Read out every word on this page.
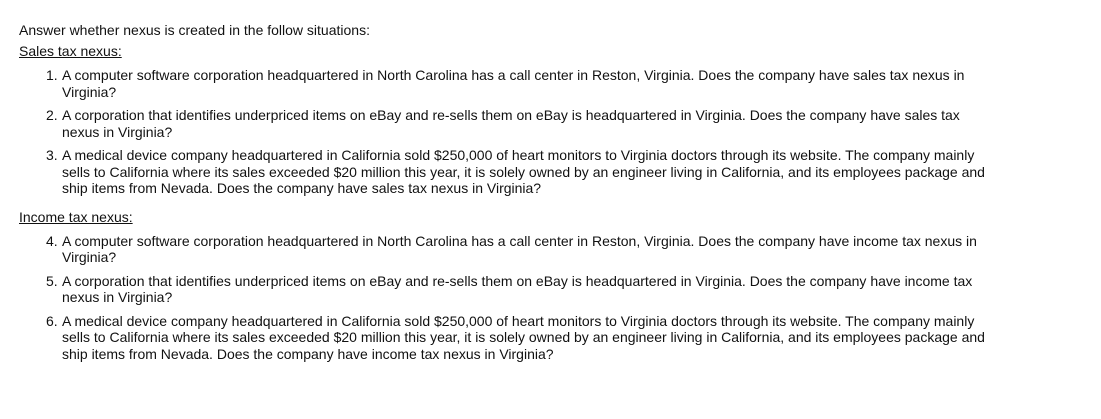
Answer whether nexus is created in the follow situations:

Sales tax nexus:

1. A computer software corporation headquartered in North Carolina has a call center in Reston, Virginia. Does the company have sales tax nexus in Virginia?
2. A corporation that identifies underpriced items on eBay and re-sells them on eBay is headquartered in Virginia. Does the company have sales tax nexus in Virginia?
3. A medical device company headquartered in California sold $250,000 of heart monitors to Virginia doctors through its website. The company mainly sells to California where its sales exceeded $20 million this year, it is solely owned by an engineer living in California, and its employees package and ship items from Nevada. Does the company have sales tax nexus in Virginia?

Income tax nexus:

4. A computer software corporation headquartered in North Carolina has a call center in Reston, Virginia. Does the company have income tax nexus in Virginia?
5. A corporation that identifies underpriced items on eBay and re-sells them on eBay is headquartered in Virginia. Does the company have income tax nexus in Virginia?
6. A medical device company headquartered in California sold $250,000 of heart monitors to Virginia doctors through its website. The company mainly sells to California where its sales exceeded $20 million this year, it is solely owned by an engineer living in California, and its employees package and ship items from Nevada. Does the company have income tax nexus in Virginia?
